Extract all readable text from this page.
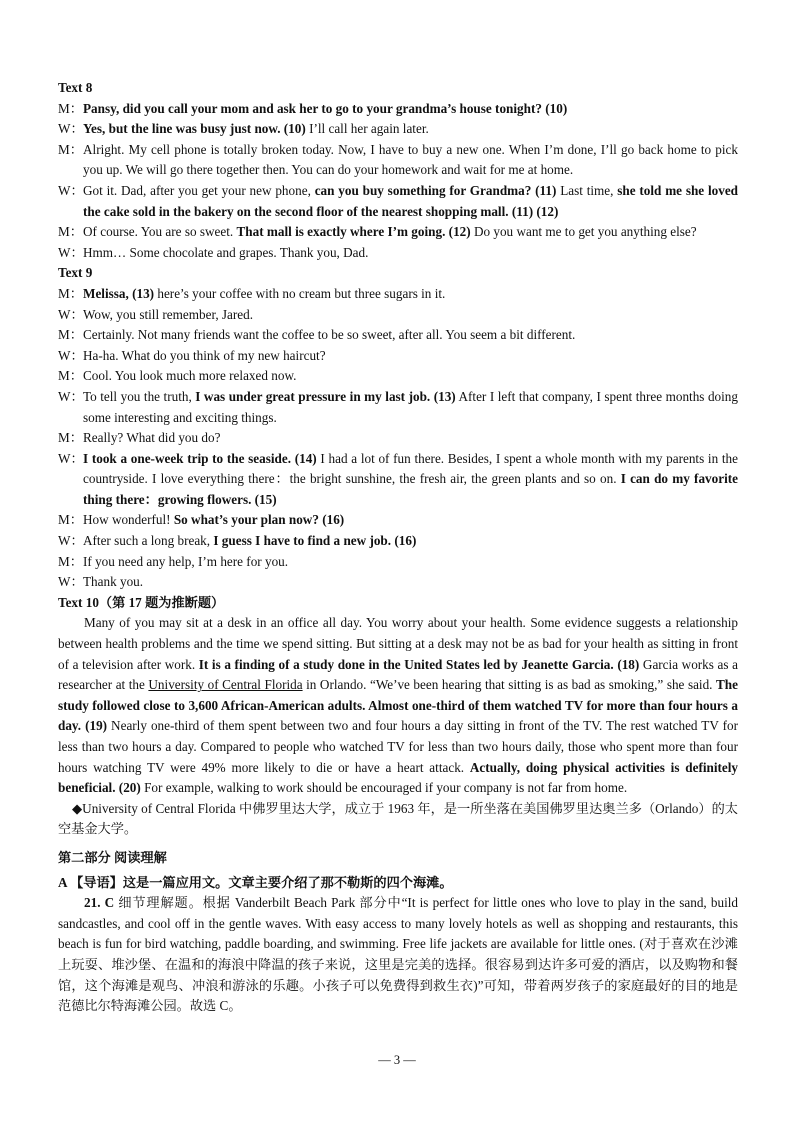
Text 8
M： Pansy, did you call your mom and ask her to go to your grandma’s house tonight? (10)
W： Yes, but the line was busy just now. (10) I’ll call her again later.
M： Alright. My cell phone is totally broken today. Now, I have to buy a new one. When I’m done, I’ll go back home to pick you up. We will go there together then. You can do your homework and wait for me at home.
W： Got it. Dad, after you get your new phone, can you buy something for Grandma? (11) Last time, she told me she loved the cake sold in the bakery on the second floor of the nearest shopping mall. (11) (12)
M： Of course. You are so sweet. That mall is exactly where I’m going. (12) Do you want me to get you anything else?
W： Hmm… Some chocolate and grapes. Thank you, Dad.
Text 9
M： Melissa, (13) here’s your coffee with no cream but three sugars in it.
W： Wow, you still remember, Jared.
M： Certainly. Not many friends want the coffee to be so sweet, after all. You seem a bit different.
W： Ha-ha. What do you think of my new haircut?
M： Cool. You look much more relaxed now.
W： To tell you the truth, I was under great pressure in my last job. (13) After I left that company, I spent three months doing some interesting and exciting things.
M： Really? What did you do?
W： I took a one-week trip to the seaside. (14) I had a lot of fun there. Besides, I spent a whole month with my parents in the countryside. I love everything there：the bright sunshine, the fresh air, the green plants and so on. I can do my favorite thing there：growing flowers. (15)
M： How wonderful! So what’s your plan now? (16)
W： After such a long break, I guess I have to find a new job. (16)
M： If you need any help, I’m here for you.
W： Thank you.
Text 10（第 17 题为推断题）
Many of you may sit at a desk in an office all day. You worry about your health. Some evidence suggests a relationship between health problems and the time we spend sitting. But sitting at a desk may not be as bad for your health as sitting in front of a television after work. It is a finding of a study done in the United States led by Jeanette Garcia. (18) Garcia works as a researcher at the University of Central Florida in Orlando. “We’ve been hearing that sitting is as bad as smoking,” she said. The study followed close to 3,600 African-American adults. Almost one-third of them watched TV for more than four hours a day. (19) Nearly one-third of them spent between two and four hours a day sitting in front of the TV. The rest watched TV for less than two hours a day. Compared to people who watched TV for less than two hours daily, those who spent more than four hours watching TV were 49% more likely to die or have a heart attack. Actually, doing physical activities is definitely beneficial. (20) For example, walking to work should be encouraged if your company is not far from home.
◆University of Central Florida 中佛罗里达大学，成立于 1963 年，是一所坐落在美国佛罗里达奥兰多（Orlando）的太空基金大学。
第二部分 阅读理解
A 【导语】这是一篇应用文。文章主要介绍了那不勒斯的四个海滩。
21. C 细节理解题。根据 Vanderbilt Beach Park 部分中“It is perfect for little ones who love to play in the sand, build sandcastles, and cool off in the gentle waves. With easy access to many lovely hotels as well as shopping and restaurants, this beach is fun for bird watching, paddle boarding, and swimming. Free life jackets are available for little ones. (对于喜欢在沙滩上玩耍、堆沙堡、在温和的海浪中降温的孩子来说，这里是完美的选择。很容易到达许多可爱的酒店，以及购物和餐馆，这个海滩是观鸟、冲浪和游泳的乐趣。小孩子可以免费得到救生衣)”可知，带着两岁孩子的家庭最好的目的地是范德比尔特海滩公园。故选 C。
— 3 —
